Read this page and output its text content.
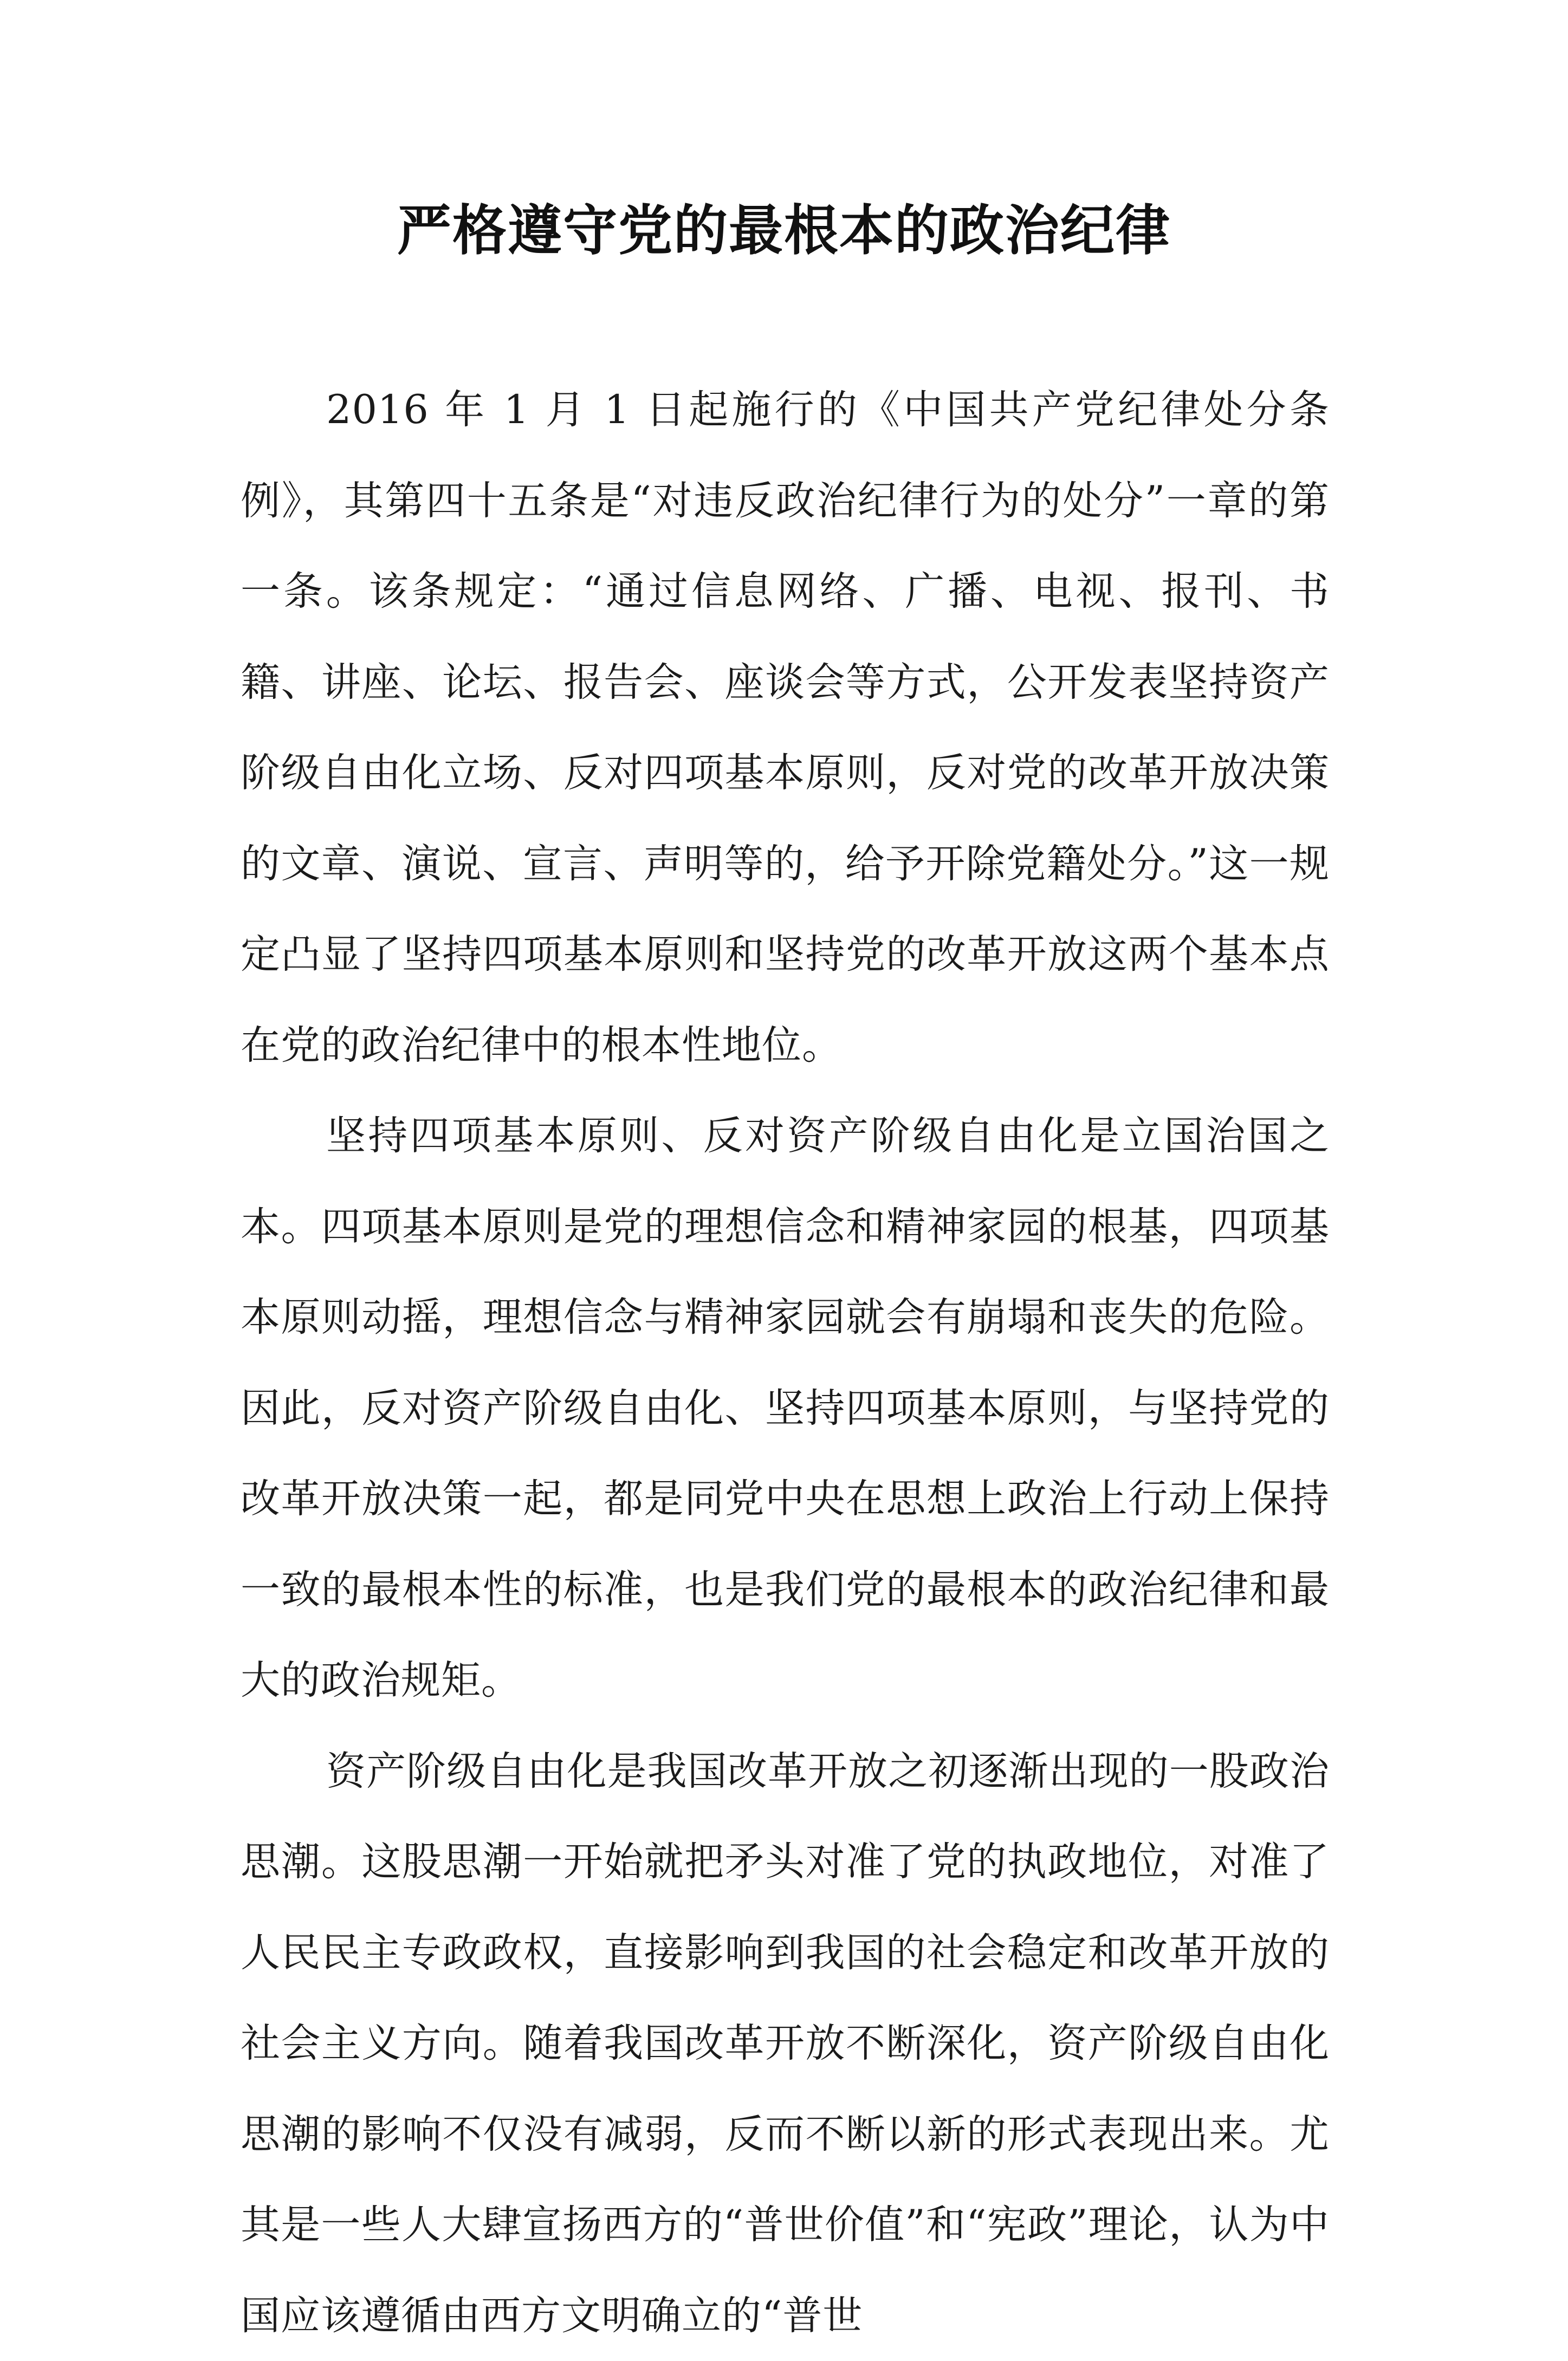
严格遵守党的最根本的政治纪律

2016 年 1 月 1 日起施行的《中国共产党纪律处分条例》，其第四十五条是“对违反政治纪律行为的处分”一章的第一条。该条规定：“通过信息网络、广播、电视、报刊、书籍、讲座、论坛、报告会、座谈会等方式，公开发表坚持资产阶级自由化立场、反对四项基本原则，反对党的改革开放决策的文章、演说、宣言、声明等的，给予开除党籍处分。”这一规定凸显了坚持四项基本原则和坚持党的改革开放这两个基本点在党的政治纪律中的根本性地位。

坚持四项基本原则、反对资产阶级自由化是立国治国之本。四项基本原则是党的理想信念和精神家园的根基，四项基本原则动摇，理想信念与精神家园就会有崩塌和丧失的危险。因此，反对资产阶级自由化、坚持四项基本原则，与坚持党的改革开放决策一起，都是同党中央在思想上政治上行动上保持一致的最根本性的标准，也是我们党的最根本的政治纪律和最大的政治规矩。

资产阶级自由化是我国改革开放之初逐渐出现的一股政治思潮。这股思潮一开始就把矛头对准了党的执政地位，对准了人民民主专政政权，直接影响到我国的社会稳定和改革开放的社会主义方向。随着我国改革开放不断深化，资产阶级自由化思潮的影响不仅没有减弱，反而不断以新的形式表现出来。尤其是一些人大肆宣扬西方的“普世价值”和“宪政”理论，认为中国应该遵循由西方文明确立的“普世
